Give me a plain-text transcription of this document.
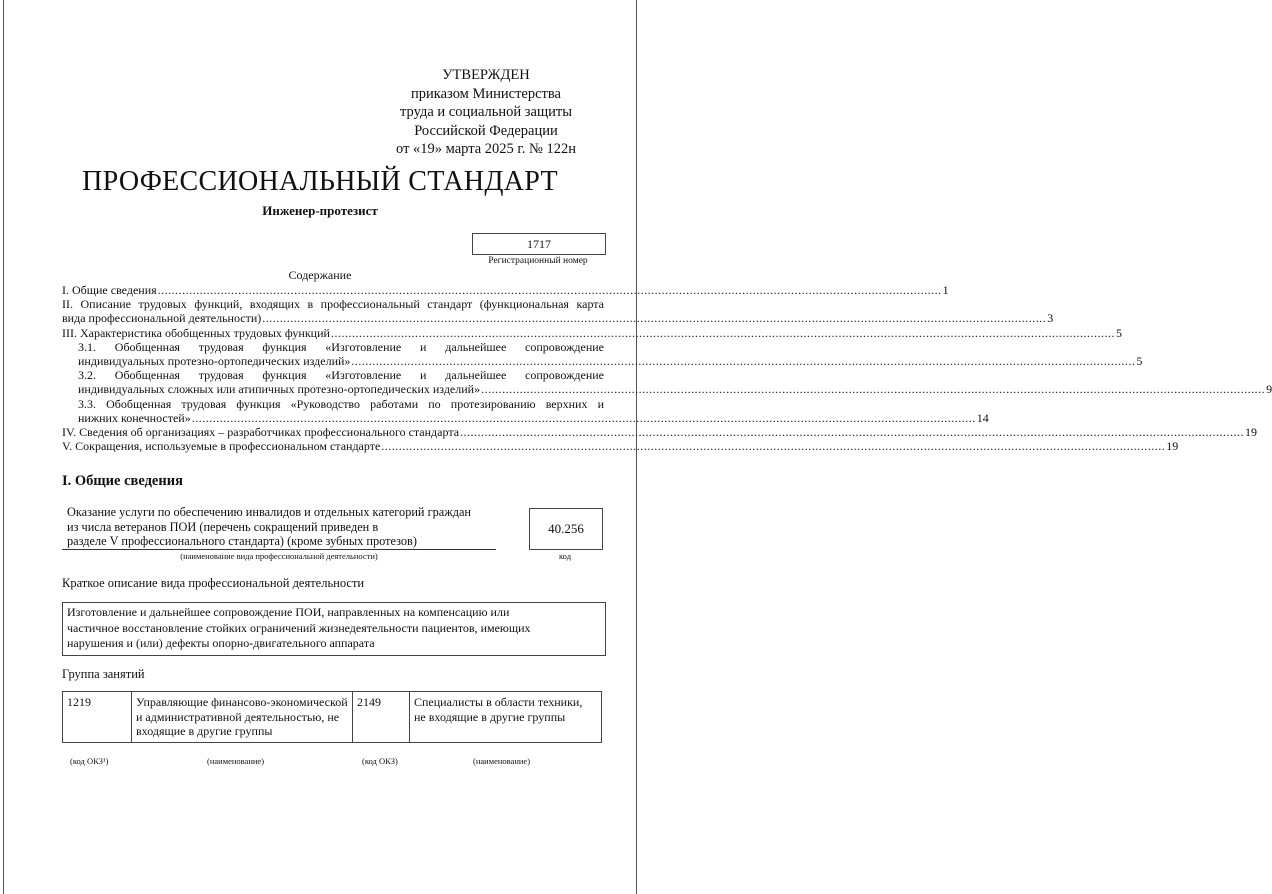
УТВЕРЖДЕН
приказом Министерства
труда и социальной защиты
Российской Федерации
от «19» марта 2025 г. № 122н
ПРОФЕССИОНАЛЬНЫЙ СТАНДАРТ
Инженер-протезист
1717
Регистрационный номер
Содержание
I. Общие сведения .....	1
II. Описание трудовых функций, входящих в профессиональный стандарт (функциональная карта
вида профессиональной деятельности) .....	3
III. Характеристика обобщенных трудовых функций .....	5
3.1. Обобщенная трудовая функция «Изготовление и дальнейшее сопровождение
индивидуальных протезно-ортопедических изделий» .....	5
3.2. Обобщенная трудовая функция «Изготовление и дальнейшее сопровождение
индивидуальных сложных или атипичных протезно-ортопедических изделий» .....	9
3.3. Обобщенная трудовая функция «Руководство работами по протезированию верхних и
нижних конечностей» .....	14
IV. Сведения об организациях – разработчиках профессионального стандарта .....	19
V. Сокращения, используемые в профессиональном стандарте .....	19
I. Общие сведения
Оказание услуги по обеспечению инвалидов и отдельных категорий граждан
из числа ветеранов ПОИ (перечень сокращений приведен в
разделе V профессионального стандарта) (кроме зубных протезов)
(наименование вида профессиональной деятельности)
40.256
код
Краткое описание вида профессиональной деятельности
Изготовление и дальнейшее сопровождение ПОИ, направленных на компенсацию или
частичное восстановление стойких ограничений жизнедеятельности пациентов, имеющих
нарушения и (или) дефекты опорно-двигательного аппарата
Группа занятий
1219	Управляющие финансово-экономической и административной деятельностью, не входящие в другие группы	2149	Специалисты в области техники, не входящие в другие группы
(код ОКЗ¹)	(наименование)	(код ОКЗ)	(наименование)
